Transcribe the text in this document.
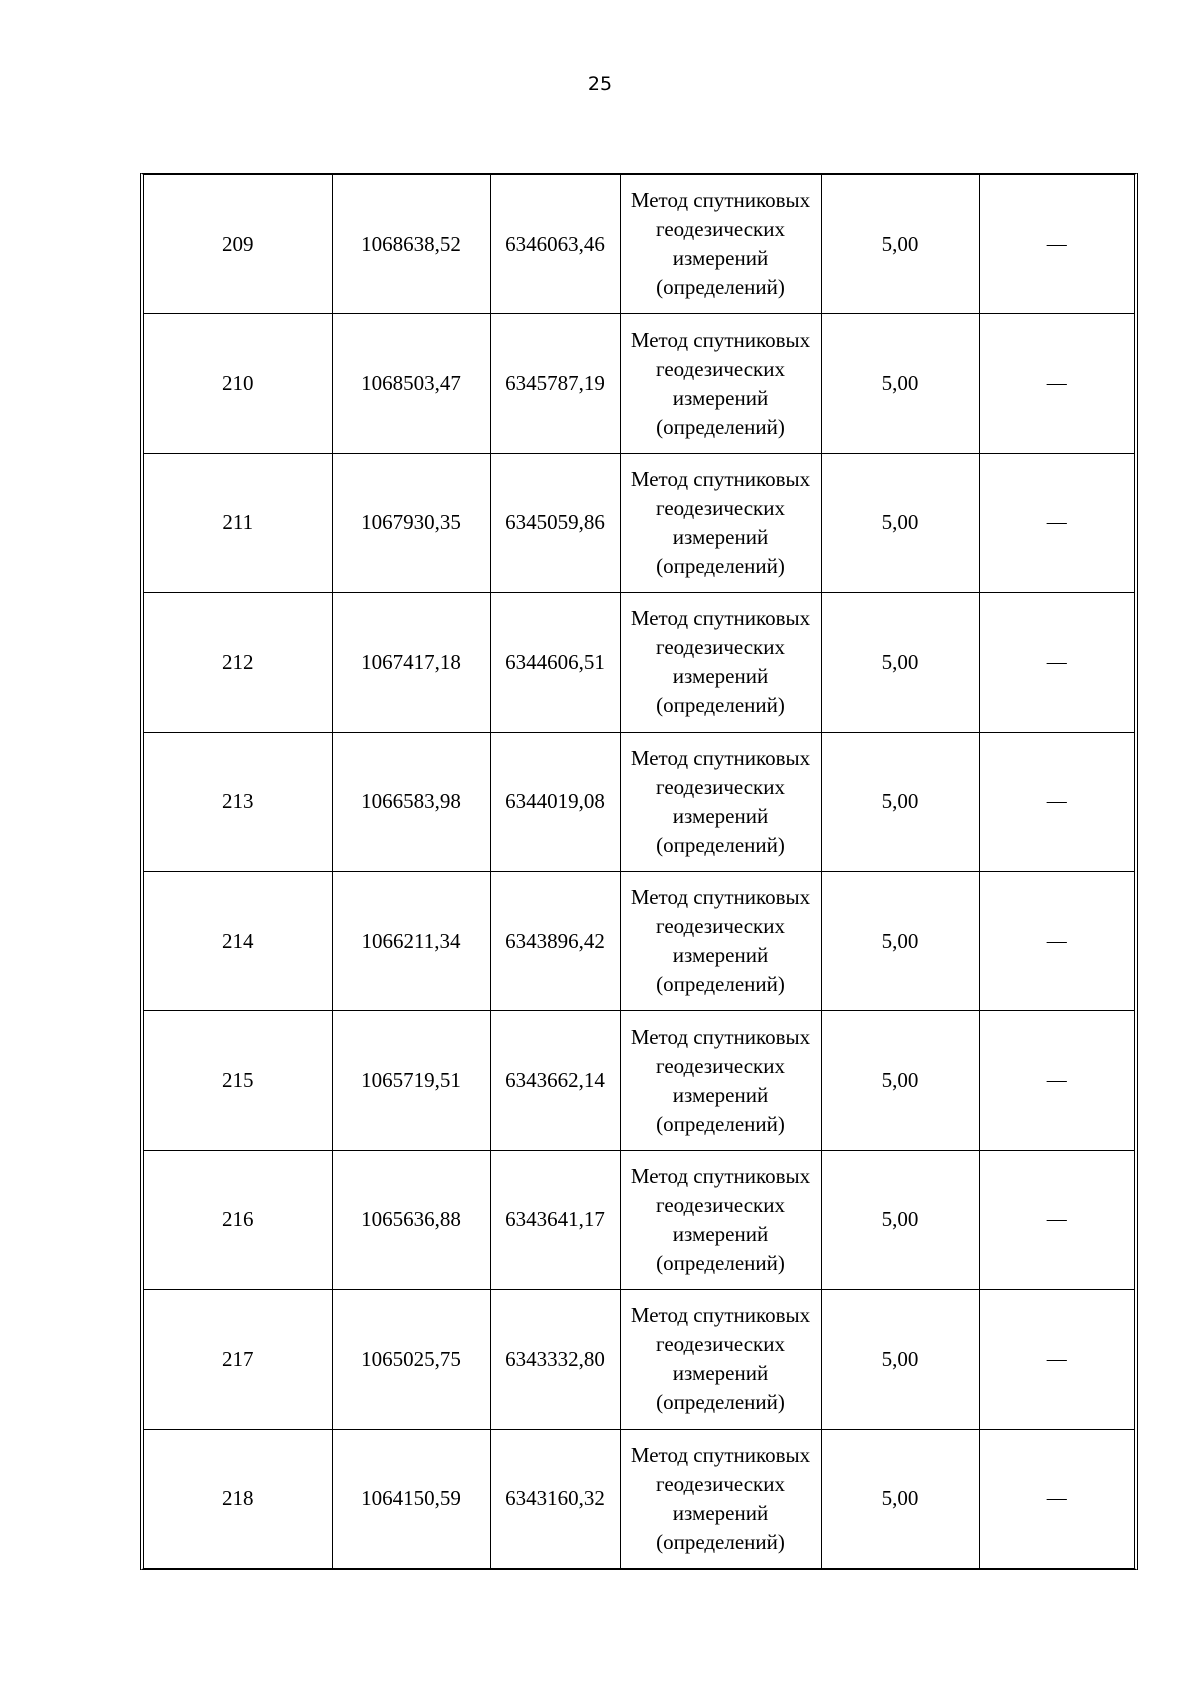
25
209	1068638,52	6346063,46	Метод спутниковых
геодезических
измерений
(определений)	5,00	—
210	1068503,47	6345787,19	Метод спутниковых
геодезических
измерений
(определений)	5,00	—
211	1067930,35	6345059,86	Метод спутниковых
геодезических
измерений
(определений)	5,00	—
212	1067417,18	6344606,51	Метод спутниковых
геодезических
измерений
(определений)	5,00	—
213	1066583,98	6344019,08	Метод спутниковых
геодезических
измерений
(определений)	5,00	—
214	1066211,34	6343896,42	Метод спутниковых
геодезических
измерений
(определений)	5,00	—
215	1065719,51	6343662,14	Метод спутниковых
геодезических
измерений
(определений)	5,00	—
216	1065636,88	6343641,17	Метод спутниковых
геодезических
измерений
(определений)	5,00	—
217	1065025,75	6343332,80	Метод спутниковых
геодезических
измерений
(определений)	5,00	—
218	1064150,59	6343160,32	Метод спутниковых
геодезических
измерений
(определений)	5,00	—
